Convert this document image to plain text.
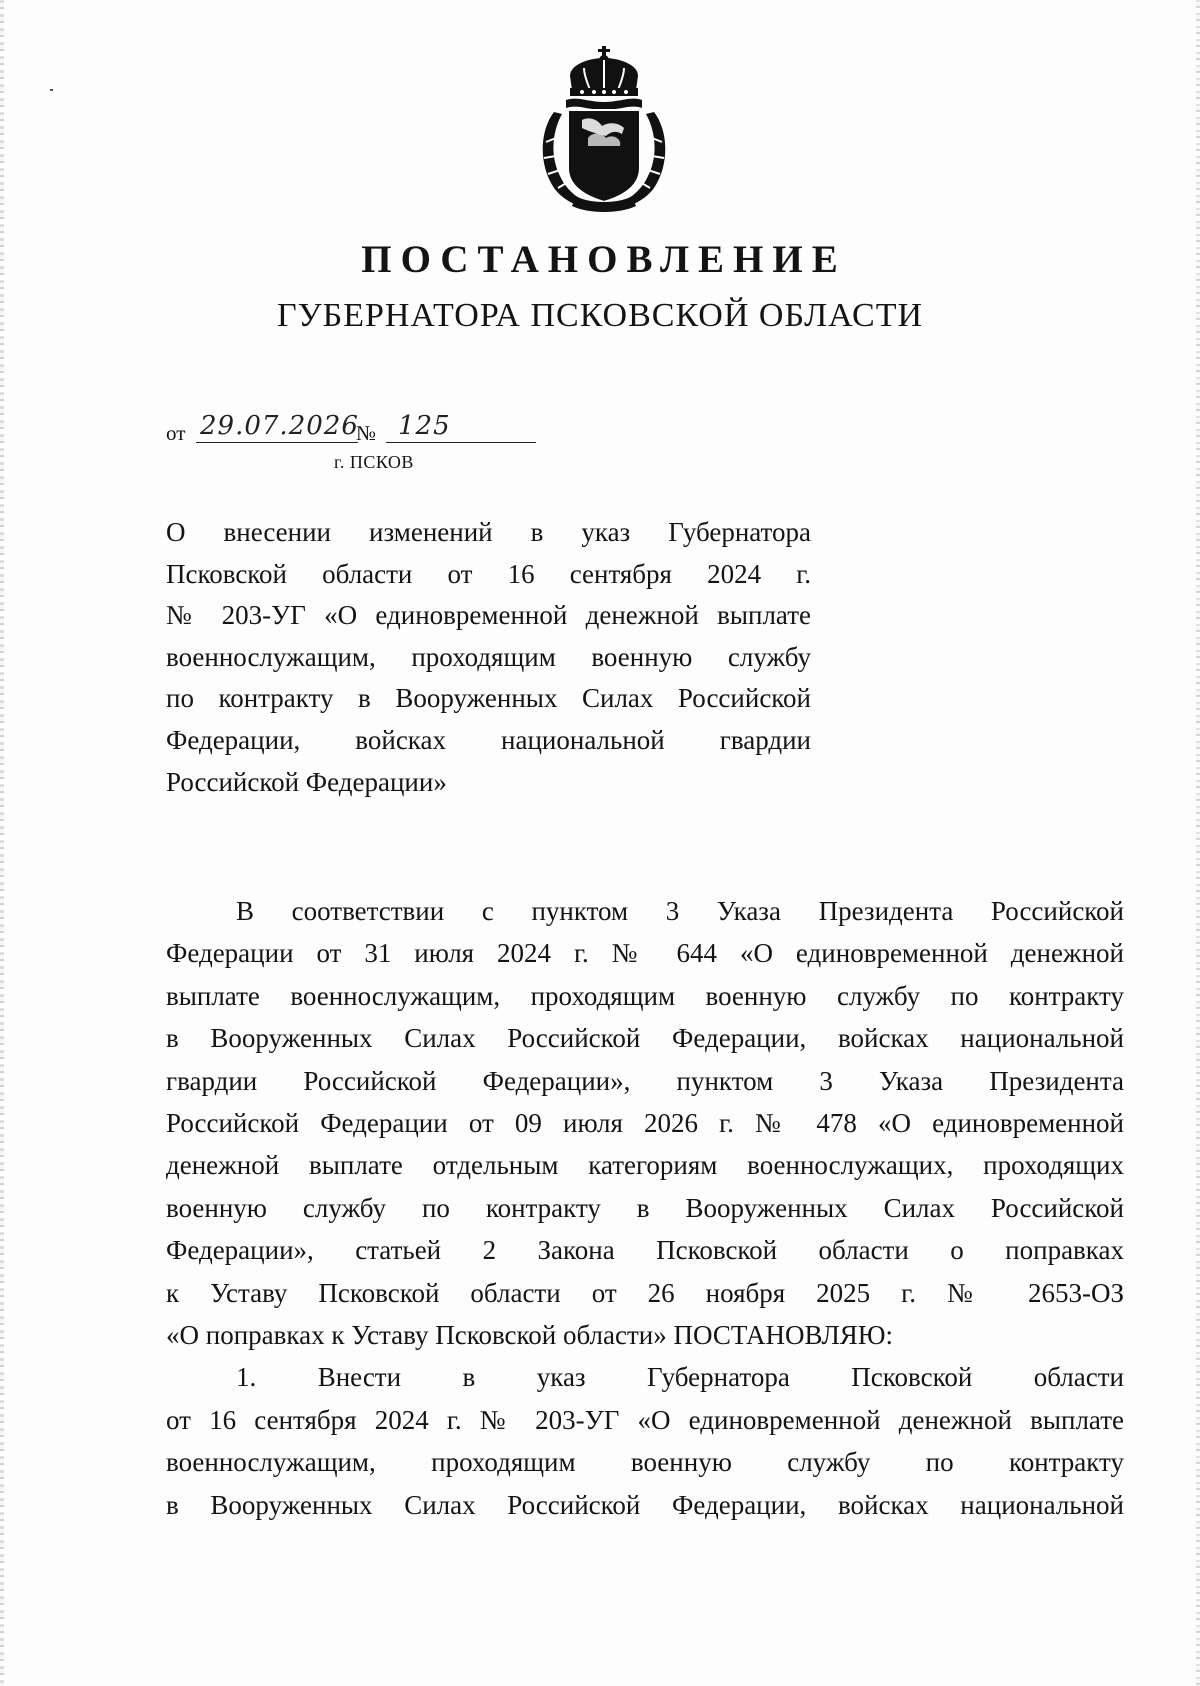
ПОСТАНОВЛЕНИЕ
ГУБЕРНАТОРА ПСКОВСКОЙ ОБЛАСТИ
от 29.07.2026
№ 125
г. ПСКОВ
О внесении изменений в указ Губернатора
Псковской области от 16 сентября 2024 г.
№ 203-УГ «О единовременной денежной выплате
военнослужащим, проходящим военную службу
по контракту в Вооруженных Силах Российской
Федерации, войсках национальной гвардии
Российской Федерации»
В соответствии с пунктом 3 Указа Президента Российской
Федерации от 31 июля 2024 г. № 644 «О единовременной денежной
выплате военнослужащим, проходящим военную службу по контракту
в Вооруженных Силах Российской Федерации, войсках национальной
гвардии Российской Федерации», пунктом 3 Указа Президента
Российской Федерации от 09 июля 2026 г. № 478 «О единовременной
денежной выплате отдельным категориям военнослужащих, проходящих
военную службу по контракту в Вооруженных Силах Российской
Федерации», статьей 2 Закона Псковской области о поправках
к Уставу Псковской области от 26 ноября 2025 г. № 2653-ОЗ
«О поправках к Уставу Псковской области» ПОСТАНОВЛЯЮ:
1. Внести в указ Губернатора Псковской области
от 16 сентября 2024 г. № 203-УГ «О единовременной денежной выплате
военнослужащим, проходящим военную службу по контракту
в Вооруженных Силах Российской Федерации, войсках национальной
